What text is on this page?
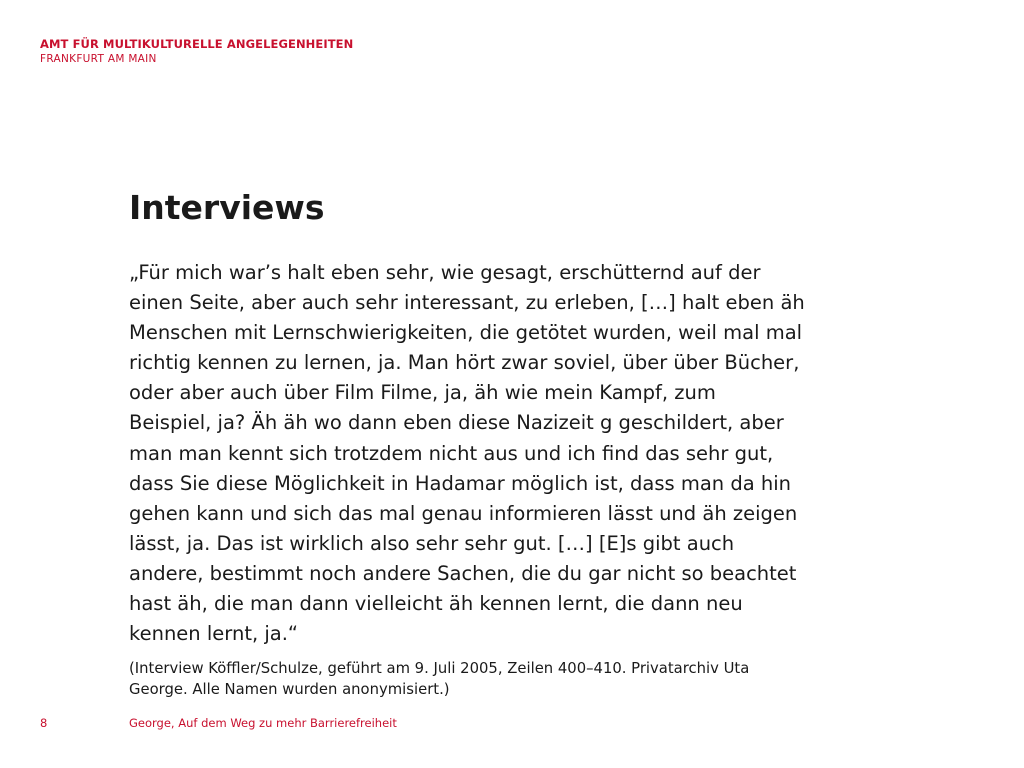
AMT FÜR MULTIKULTURELLE ANGELEGENHEITEN
FRANKFURT AM MAIN
Interviews
„Für mich war’s halt eben sehr, wie gesagt, erschütternd auf der
einen Seite, aber auch sehr interessant, zu erleben, […] halt eben äh
Menschen mit Lernschwierigkeiten, die getötet wurden, weil mal mal
richtig kennen zu lernen, ja. Man hört zwar soviel, über über Bücher,
oder aber auch über Film Filme, ja, äh wie mein Kampf, zum
Beispiel, ja? Äh äh wo dann eben diese Nazizeit g geschildert, aber
man man kennt sich trotzdem nicht aus und ich find das sehr gut,
dass Sie diese Möglichkeit in Hadamar möglich ist, dass man da hin
gehen kann und sich das mal genau informieren lässt und äh zeigen
lässt, ja. Das ist wirklich also sehr sehr gut. […] [E]s gibt auch
andere, bestimmt noch andere Sachen, die du gar nicht so beachtet
hast äh, die man dann vielleicht äh kennen lernt, die dann neu
kennen lernt, ja.“
(Interview Köffler/Schulze, geführt am 9. Juli 2005, Zeilen 400–410. Privatarchiv Uta
George. Alle Namen wurden anonymisiert.)
8	George, Auf dem Weg zu mehr Barrierefreiheit
